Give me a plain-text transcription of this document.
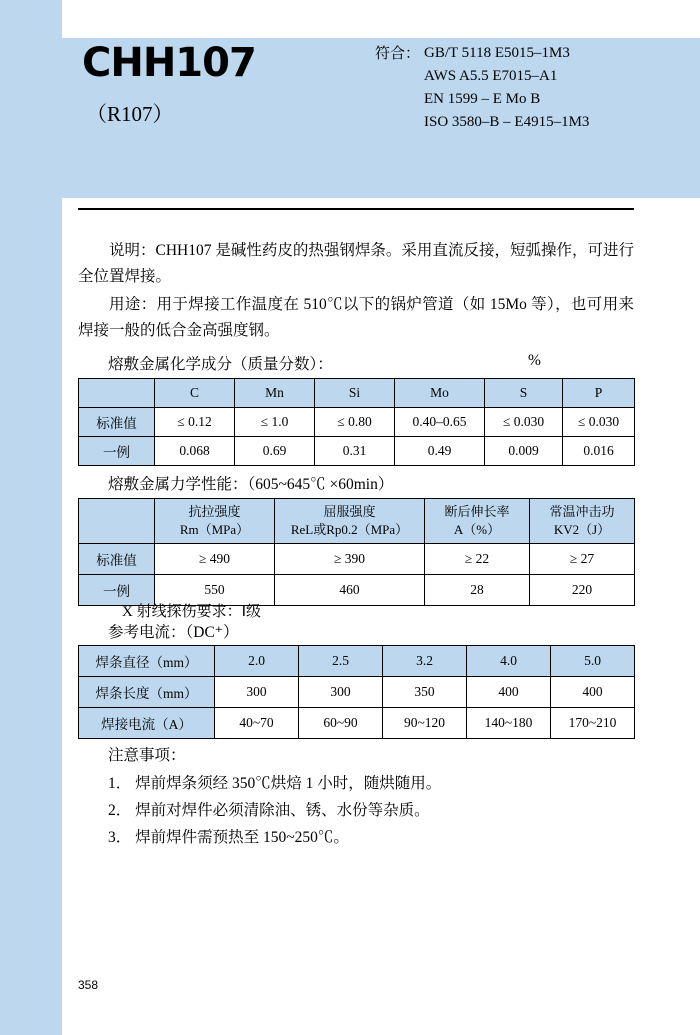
CHH107
（R107）
符合： GB/T 5118 E5015–1M3
AWS A5.5 E7015–A1
EN 1599 – E Mo B
ISO 3580–B – E4915–1M3
说明：CHH107 是碱性药皮的热强钢焊条。采用直流反接，短弧操作，可进行全位置焊接。
用途：用于焊接工作温度在 510℃以下的锅炉管道（如 15Mo 等），也可用来焊接一般的低合金高强度钢。
熔敷金属化学成分（质量分数）：	%
	C	Mn	Si	Mo	S	P
标准值	≤ 0.12	≤ 1.0	≤ 0.80	0.40–0.65	≤ 0.030	≤ 0.030
一例	0.068	0.69	0.31	0.49	0.009	0.016
熔敷金属力学性能：（605~645℃ ×60min）

抗拉强度
Rm（MPa）

屈服强度
ReL或Rp0.2（MPa）

断后伸长率
A（%）

常温冲击功
KV2（J）

标准值	≥ 490	≥ 390	≥ 22	≥ 27
一例	550	460	28	220
X 射线探伤要求：Ⅰ级
参考电流：（DC⁺）
焊条直径（mm）	2.0	2.5	3.2	4.0	5.0
焊条长度（mm）	300	300	350	400	400
焊接电流（A）	40~70	60~90	90~120	140~180	170~210
注意事项：
1． 焊前焊条须经 350℃烘焙 1 小时，随烘随用。
2． 焊前对焊件必须清除油、锈、水份等杂质。
3． 焊前焊件需预热至 150~250℃。
358
